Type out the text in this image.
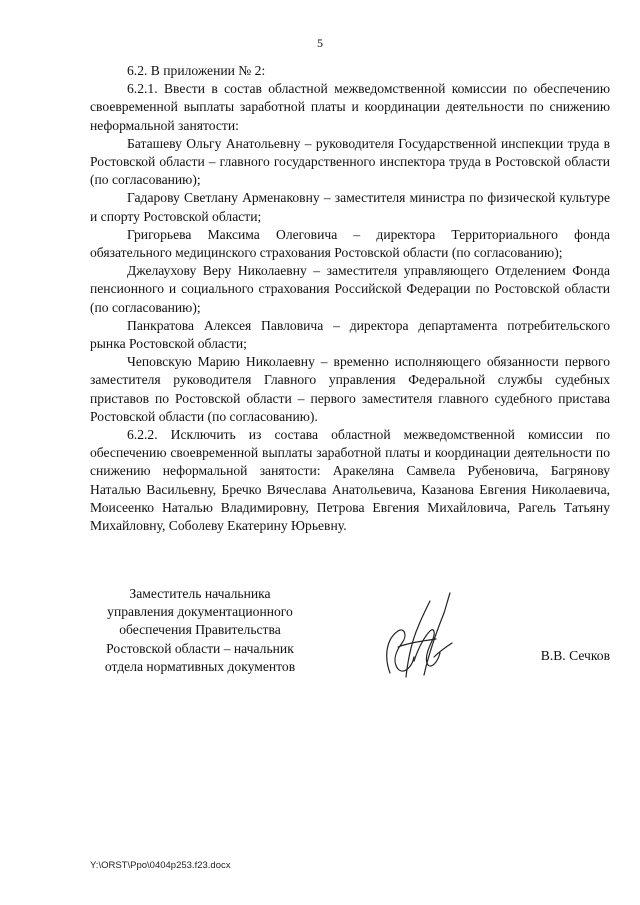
5

6.2. В приложении № 2:

6.2.1. Ввести в состав областной межведомственной комиссии по обеспечению своевременной выплаты заработной платы и координации деятельности по снижению неформальной занятости:

Баташеву Ольгу Анатольевну – руководителя Государственной инспекции труда в Ростовской области – главного государственного инспектора труда в Ростовской области (по согласованию);

Гадарову Светлану Арменаковну – заместителя министра по физической культуре и спорту Ростовской области;

Григорьева Максима Олеговича – директора Территориального фонда обязательного медицинского страхования Ростовской области (по согласованию);

Джелаухову Веру Николаевну – заместителя управляющего Отделением Фонда пенсионного и социального страхования Российской Федерации по Ростовской области (по согласованию);

Панкратова Алексея Павловича – директора департамента потребительского рынка Ростовской области;

Чеповскую Марию Николаевну – временно исполняющего обязанности первого заместителя руководителя Главного управления Федеральной службы судебных приставов по Ростовской области – первого заместителя главного судебного пристава Ростовской области (по согласованию).

6.2.2. Исключить из состава областной межведомственной комиссии по обеспечению своевременной выплаты заработной платы и координации деятельности по снижению неформальной занятости: Аракеляна Самвела Рубеновича, Багрянову Наталью Васильевну, Бречко Вячеслава Анатольевича, Казанова Евгения Николаевича, Моисеенко Наталью Владимировну, Петрова Евгения Михайловича, Рагель Татьяну Михайловну, Соболеву Екатерину Юрьевну.

Заместитель начальника
управления документационного
обеспечения Правительства
Ростовской области – начальник
отдела нормативных документов

В.В. Сечков
Y:\ORST\Ppo\0404p253.f23.docx
